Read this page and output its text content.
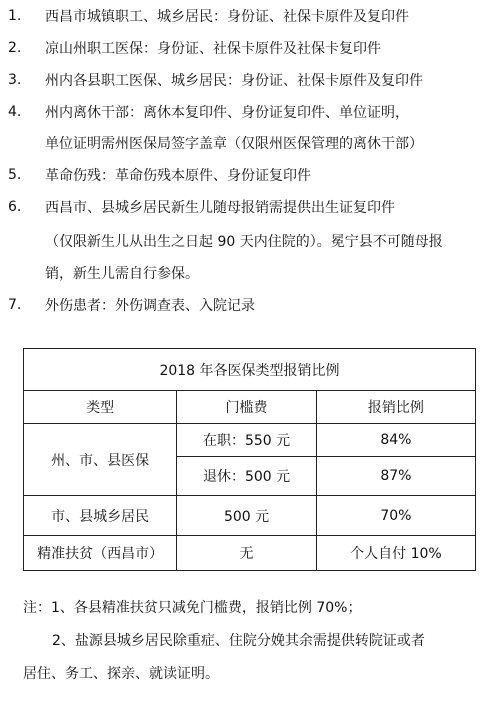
1. 西昌市城镇职工、城乡居民：身份证、社保卡原件及复印件
2. 凉山州职工医保：身份证、社保卡原件及社保卡复印件
3. 州内各县职工医保、城乡居民：身份证、社保卡原件及复印件
4. 州内离休干部：离休本复印件、身份证复印件、单位证明，
单位证明需州医保局签字盖章（仅限州医保管理的离休干部）
5. 革命伤残：革命伤残本原件、身份证复印件
6. 西昌市、县城乡居民新生儿随母报销需提供出生证复印件
（仅限新生儿从出生之日起 90 天内住院的）。冕宁县不可随母报
销，新生儿需自行参保。
7. 外伤患者：外伤调查表、入院记录
2018 年各医保类型报销比例		
类型	门槛费	报销比例
州、市、县医保	在职：550 元	84%
	退休：500 元	87%
市、县城乡居民	500 元	70%
精准扶贫（西昌市）	无	个人自付 10%
注：1、各县精准扶贫只减免门槛费，报销比例 70%；
2、盐源县城乡居民除重症、住院分娩其余需提供转院证或者
居住、务工、探亲、就读证明。
